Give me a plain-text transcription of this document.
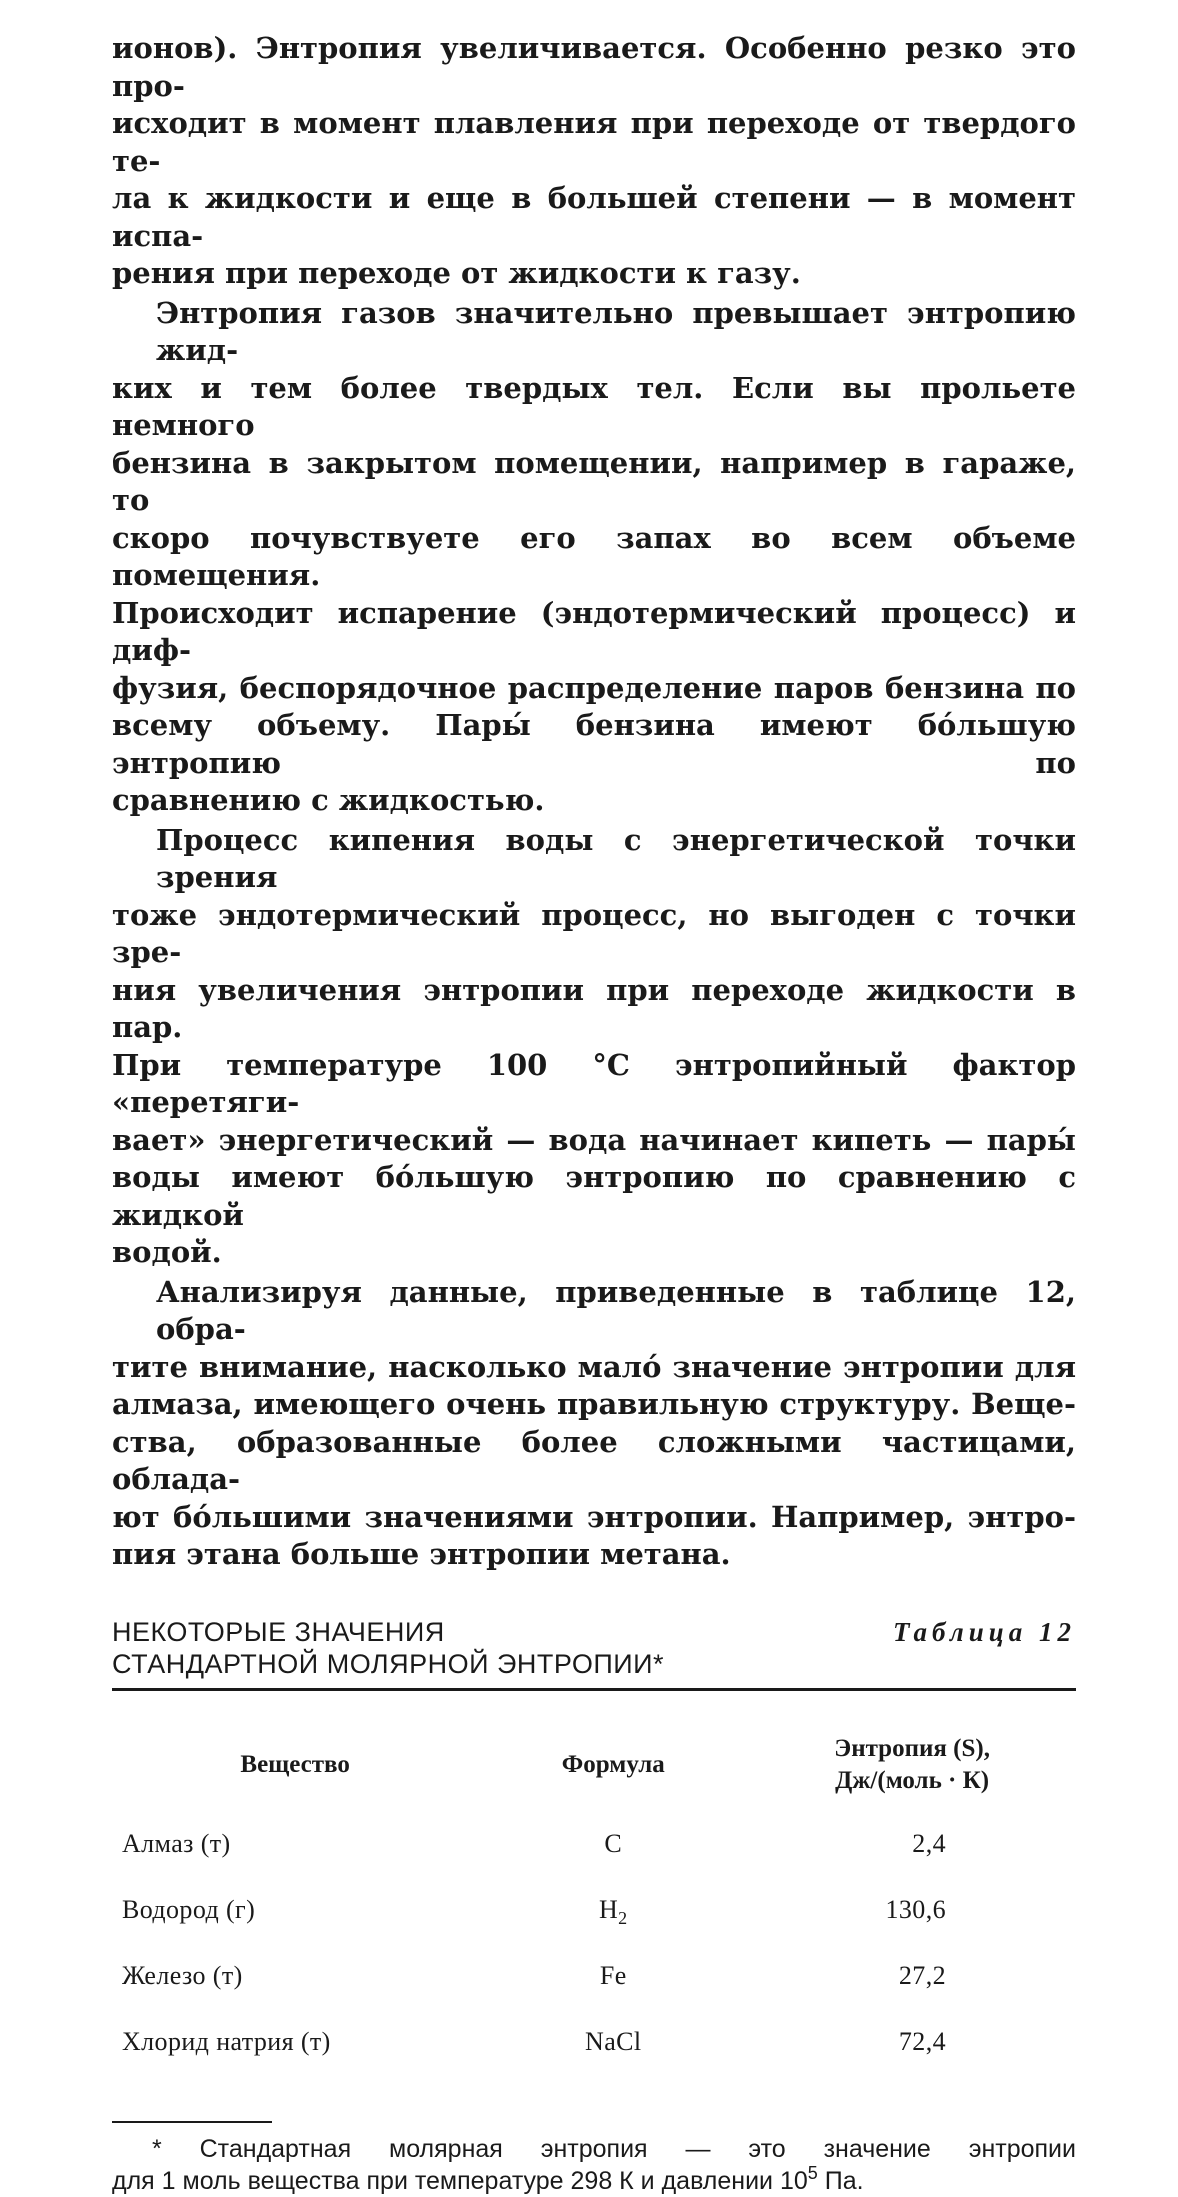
ионов). Энтропия увеличивается. Особенно резко это про-
исходит в момент плавления при переходе от твердого те-
ла к жидкости и еще в большей степени — в момент испа-
рения при переходе от жидкости к газу.

Энтропия газов значительно превышает энтропию жид-
ких и тем более твердых тел. Если вы прольете немного
бензина в закрытом помещении, например в гараже, то
скоро почувствуете его запах во всем объеме помещения.
Происходит испарение (эндотермический процесс) и диф-
фузия, беспорядочное распределение паров бензина по
всему объему. Пары́ бензина имеют бо́льшую энтропию по
сравнению с жидкостью.

Процесс кипения воды с энергетической точки зрения
тоже эндотермический процесс, но выгоден с точки зре-
ния увеличения энтропии при переходе жидкости в пар.
При температуре 100 °C энтропийный фактор «перетяги-
вает» энергетический — вода начинает кипеть — пары́
воды имеют бо́льшую энтропию по сравнению с жидкой
водой.

Анализируя данные, приведенные в таблице 12, обра-
тите внимание, насколько мало́ значение энтропии для
алмаза, имеющего очень правильную структуру. Веще-
ства, образованные более сложными частицами, облада-
ют бо́льшими значениями энтропии. Например, энтро-
пия этана больше энтропии метана.

НЕКОТОРЫЕ ЗНАЧЕНИЯ
СТАНДАРТНОЙ МОЛЯРНОЙ ЭНТРОПИИ*
Таблица 12
Вещество	Формула	Энтропия (S),
Дж/(моль · К)
Алмаз (т)	C	2,4
Водород (г)	$H_2$	130,6
Железо (т)	Fe	27,2
Хлорид натрия (т)	NaCl	72,4

* Стандартная молярная энтропия — это значение энтропии
для 1 моль вещества при температуре 298 К и давлении $10^5$ Па.
